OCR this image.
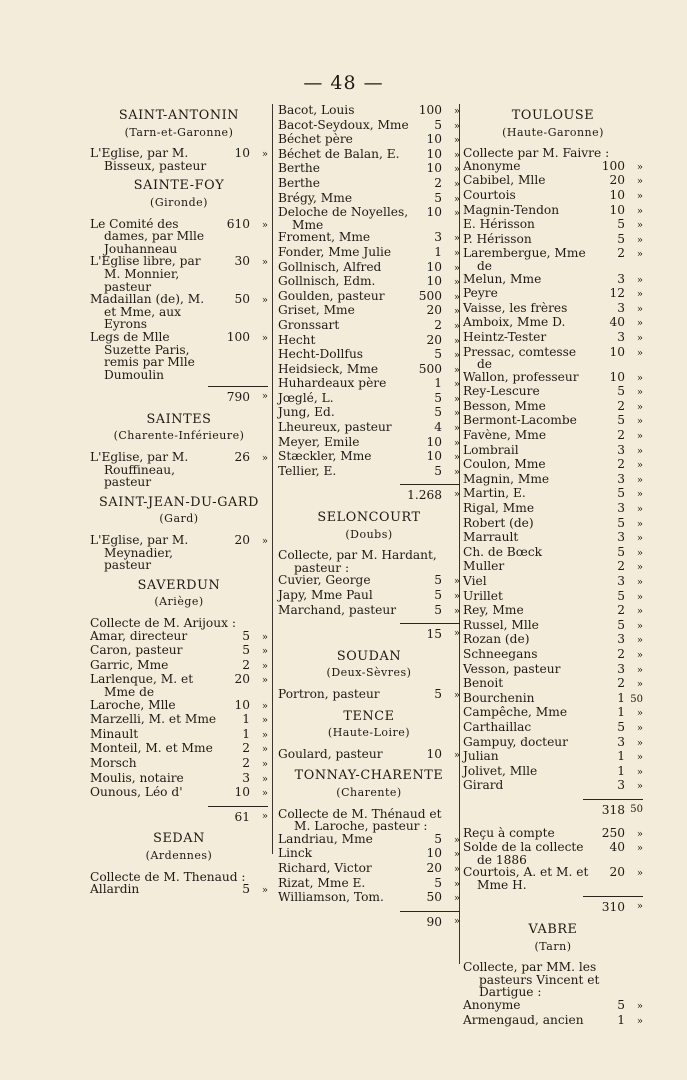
— 48 —
SAINT-ANTONIN
(Tarn-et-Garonne)
L'Eglise, par M. Bisseux, pasteur
10	»
SAINTE-FOY
(Gironde)
Le Comité des dames, par Mlle Jouhanneau
610	»
L'Eglise libre, par M. Monnier, pasteur
30	»
Madaillan (de), M. et Mme, aux Eyrons
50	»
Legs de Mlle Suzette Paris, remis par Mlle Dumoulin
100	»
790	»
SAINTES
(Charente-Inférieure)
L'Eglise, par M. Rouffineau, pasteur
26	»
SAINT-JEAN-DU-GARD
(Gard)
L'Eglise, par M. Meynadier, pasteur
20	»
SAVERDUN
(Ariège)
Collecte de M. Arijoux :
Amar, directeur	5	»
Caron, pasteur	5	»
Garric, Mme	2	»
Larlenque, M. et Mme de
20	»
Laroche, Mlle	10	»
Marzelli, M. et Mme	1	»
Minault	1	»
Monteil, M. et Mme	2	»
Morsch	2	»
Moulis, notaire	3	»
Ounous, Léo d'	10	»
61	»
SEDAN
(Ardennes)
Collecte de M. Thenaud :
Allardin	5	»
Bacot, Louis	100	»
Bacot-Seydoux, Mme	5	»
Béchet père	10	»
Béchet de Balan, E.	10	»
Berthe	10	»
Berthe	2	»
Brégy, Mme	5	»
Deloche de Noyelles, Mme
10	»
Froment, Mme	3	»
Fonder, Mme Julie	1	»
Gollnisch, Alfred	10	»
Gollnisch, Edm.	10	»
Goulden, pasteur	500	»
Griset, Mme	20	»
Gronssart	2	»
Hecht	20	»
Hecht-Dollfus	5	»
Heidsieck, Mme	500	»
Huhardeaux père	1	»
Jœglé, L.	5	»
Jung, Ed.	5	»
Lheureux, pasteur	4	»
Meyer, Emile	10	»
Stæckler, Mme	10	»
Tellier, E.	5	»
1.268	»
SELONCOURT
(Doubs)
Collecte, par M. Hardant, pasteur :
Cuvier, George	5	»
Japy, Mme Paul	5	»
Marchand, pasteur	5	»
15	»
SOUDAN
(Deux-Sèvres)
Portron, pasteur	5	»
TENCE
(Haute-Loire)
Goulard, pasteur	10	»
TONNAY-CHARENTE
(Charente)
Collecte de M. Thénaud et M. Laroche, pasteur :
Landriau, Mme	5	»
Linck	10	»
Richard, Victor	20	»
Rizat, Mme E.	5	»
Williamson, Tom.	50	»
90	»
TOULOUSE
(Haute-Garonne)
Collecte par M. Faivre :
Anonyme	100	»
Cabibel, Mlle	20	»
Courtois	10	»
Magnin-Tendon	10	»
E. Hérisson	5	»
P. Hérisson	5	»
Larembergue, Mme de
2	»
Melun, Mme	3	»
Peyre	12	»
Vaisse, les frères	3	»
Amboix, Mme D.	40	»
Heintz-Tester	3	»
Pressac, comtesse de
10	»
Wallon, professeur	10	»
Rey-Lescure	5	»
Besson, Mme	2	»
Bermont-Lacombe	5	»
Favène, Mme	2	»
Lombrail	3	»
Coulon, Mme	2	»
Magnin, Mme	3	»
Martin, E.	5	»
Rigal, Mme	3	»
Robert (de)	5	»
Marrault	3	»
Ch. de Bœck	5	»
Muller	2	»
Viel	3	»
Urillet	5	»
Rey, Mme	2	»
Russel, Mlle	5	»
Rozan (de)	3	»
Schneegans	2	»
Vesson, pasteur	3	»
Benoit	2	»
Bourchenin	1 50
Campêche, Mme	1	»
Carthaillac	5	»
Gampuy, docteur	3	»
Julian	1	»
Jolivet, Mlle	1	»
Girard	3	»
318 50
Reçu à compte	250	»
Solde de la collecte de 1886
40	»
Courtois, A. et M. et Mme H.
20	»
310	»
VABRE
(Tarn)
Collecte, par MM. les pasteurs Vincent et Dartigue :
Anonyme	5	»
Armengaud, ancien	1	»
